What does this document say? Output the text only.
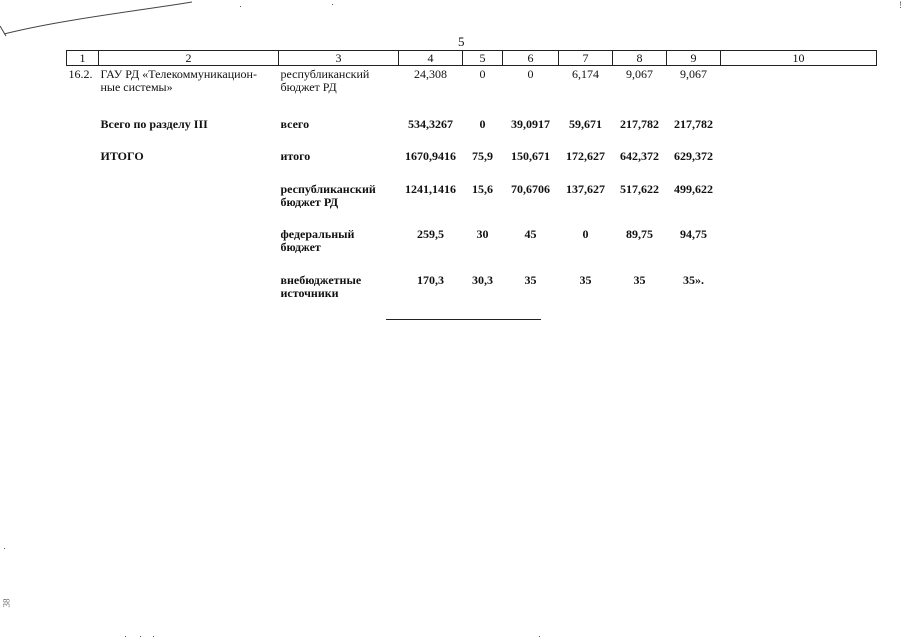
!
5
1	2	3	4	5	6	7	8	9	10
16.2.	ГАУ РД «Телекоммуникацион-ные системы»	республиканский бюджет РД	24,308	0	0	6,174	9,067	9,067	
	Всего по разделу III	всего	534,3267	0	39,0917	59,671	217,782	217,782	
	ИТОГО	итого	1670,9416	75,9	150,671	172,627	642,372	629,372	
		республиканский бюджет РД	1241,1416	15,6	70,6706	137,627	517,622	499,622	
		федеральный бюджет	259,5	30	45	0	89,75	94,75	
		внебюджетные источники	170,3	30,3	35	35	35	35».	
38
